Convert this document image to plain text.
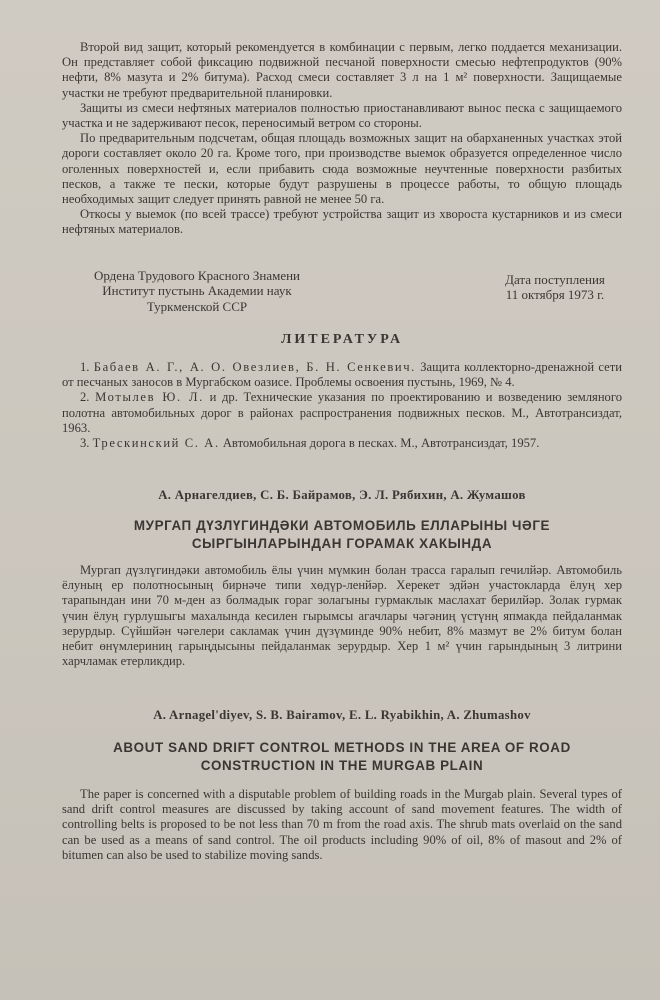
Второй вид защит, который рекомендуется в комбинации с первым, легко поддается механизации. Он представляет собой фиксацию подвижной песчаной поверхности смесью нефтепродуктов (90% нефти, 8% мазута и 2% битума). Расход смеси составляет 3 л на 1 м² поверхности. Защищаемые участки не требуют предварительной планировки.

Защиты из смеси нефтяных материалов полностью приостанавливают вынос песка с защищаемого участка и не задерживают песок, переносимый ветром со стороны.

По предварительным подсчетам, общая площадь возможных защит на обарханенных участках этой дороги составляет около 20 га. Кроме того, при производстве выемок образуется определенное число оголенных поверхностей и, если прибавить сюда возможные неучтенные поверхности разбитых песков, а также те пески, которые будут разрушены в процессе работы, то общую площадь необходимых защит следует принять равной не менее 50 га.

Откосы у выемок (по всей трассе) требуют устройства защит из хвороста кустарников и из смеси нефтяных материалов.

Ордена Трудового Красного Знамени
Институт пустынь Академии наук
Туркменской ССР
Дата поступления
11 октября 1973 г.
ЛИТЕРАТУРА

1. Бабаев А. Г., А. О. Овезлиев, Б. Н. Сенкевич. Защита коллекторно-дренажной сети от песчаных заносов в Мургабском оазисе. Проблемы освоения пустынь, 1969, № 4.

2. Мотылев Ю. Л. и др. Технические указания по проектированию и возведению земляного полотна автомобильных дорог в районах распространения подвижных песков. М., Автотрансиздат, 1963.

3. Трескинский С. А. Автомобильная дорога в песках. М., Автотрансиздат, 1957.

А. Арнагелдиев, С. Б. Байрамов, Э. Л. Рябихин, А. Жумашов
МУРГАП ДҮЗЛҮГИНДӘКИ АВТОМОБИЛЬ ЕЛЛАРЫНЫ ЧӘГЕ
СЫРГЫНЛАРЫНДАН ГОРАМАК ХАКЫНДА

Мургап дүзлүгиндәки автомобиль ёлы үчин мүмкин болан трасса гаралып гечилйәр. Автомобиль ёлуның ер полотносының бирнәче типи хөдүр-ленйәр. Херекет эдйән участокларда ёлуң хер тарапындан ини 70 м-ден аз болмадык гораг золагыны гурмаклык маслахат берилйәр. Золак гурмак үчин ёлуң гурлушыгы махалында кесилен гырымсы агачлары чәгәниң үстүнң япмакда пейдаланмак зерурдыр. Сүйшйән чәгелери сакламак үчин дүзүминде 90% небит, 8% мазмут ве 2% битум болан небит өнүмлериниң гарыңдысыны пейдаланмак зерурдыр. Хер 1 м² үчин гарындының 3 литрини харчламак етерликдир.

A. Arnagel'diyev, S. B. Bairamov, E. L. Ryabikhin, A. Zhumashov
ABOUT SAND DRIFT CONTROL METHODS IN THE AREA OF ROAD
CONSTRUCTION IN THE MURGAB PLAIN

The paper is concerned with a disputable problem of building roads in the Murgab plain. Several types of sand drift control measures are discussed by taking account of sand movement features. The width of controlling belts is proposed to be not less than 70 m from the road axis. The shrub mats overlaid on the sand can be used as a means of sand control. The oil products including 90% of oil, 8% of masout and 2% of bitumen can also be used to stabilize moving sands.
